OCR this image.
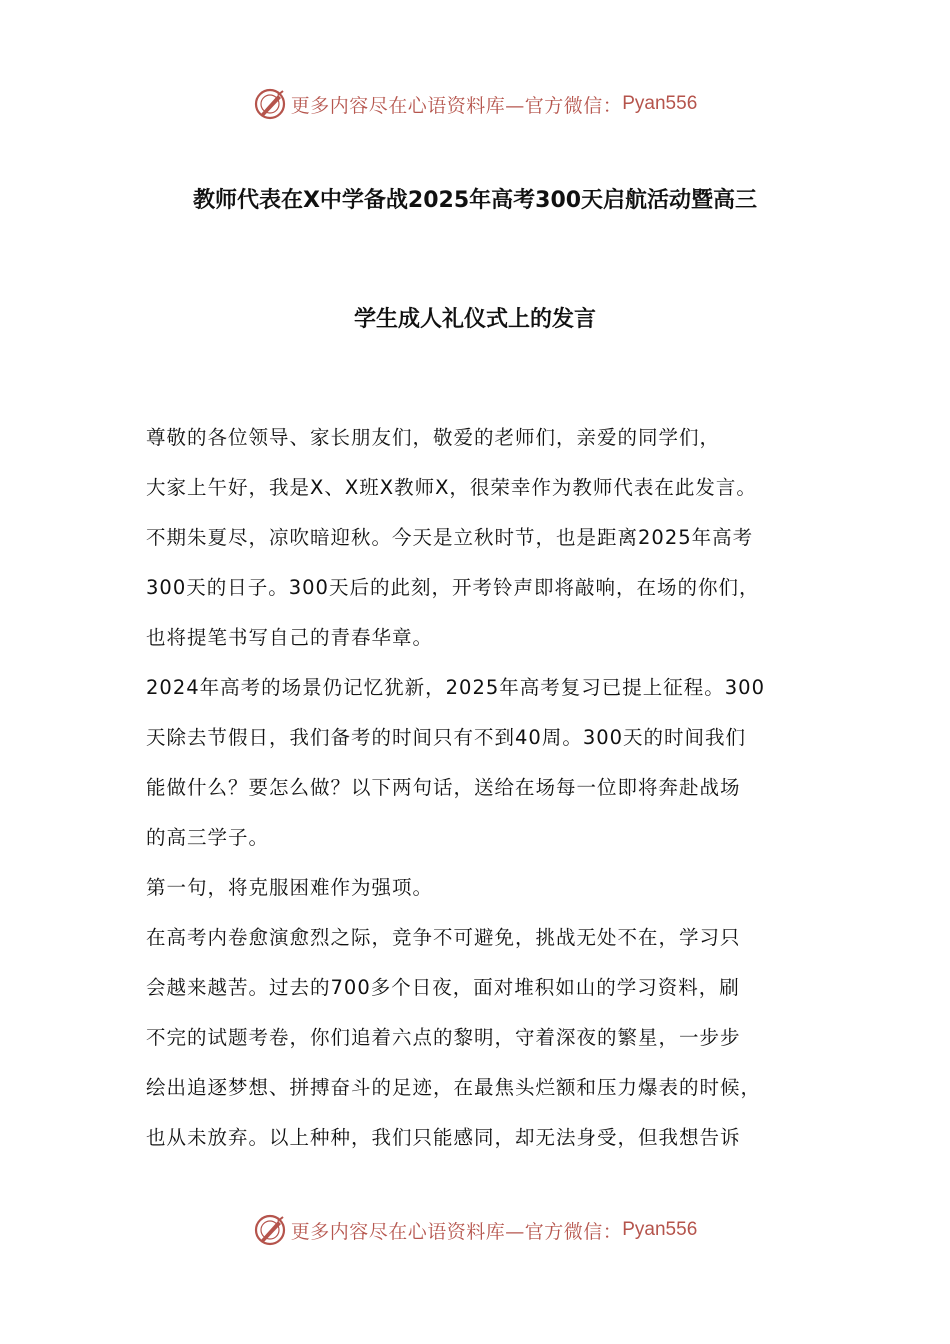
更多内容尽在心语资料库—官方微信： Pyan556
教师代表在X中学备战2025年高考300天启航活动暨高三
学生成人礼仪式上的发言
尊敬的各位领导、家长朋友们，敬爱的老师们，亲爱的同学们，
大家上午好，我是X、X班X教师X，很荣幸作为教师代表在此发言。
不期朱夏尽，凉吹暗迎秋。今天是立秋时节，也是距离2025年高考
300天的日子。300天后的此刻，开考铃声即将敲响，在场的你们，
也将提笔书写自己的青春华章。
2024年高考的场景仍记忆犹新，2025年高考复习已提上征程。300
天除去节假日，我们备考的时间只有不到40周。300天的时间我们
能做什么？要怎么做？以下两句话，送给在场每一位即将奔赴战场
的高三学子。
第一句，将克服困难作为强项。
在高考内卷愈演愈烈之际，竞争不可避免，挑战无处不在，学习只
会越来越苦。过去的700多个日夜，面对堆积如山的学习资料，刷
不完的试题考卷，你们追着六点的黎明，守着深夜的繁星，一步步
绘出追逐梦想、拼搏奋斗的足迹，在最焦头烂额和压力爆表的时候，
也从未放弃。以上种种，我们只能感同，却无法身受，但我想告诉
更多内容尽在心语资料库—官方微信： Pyan556
